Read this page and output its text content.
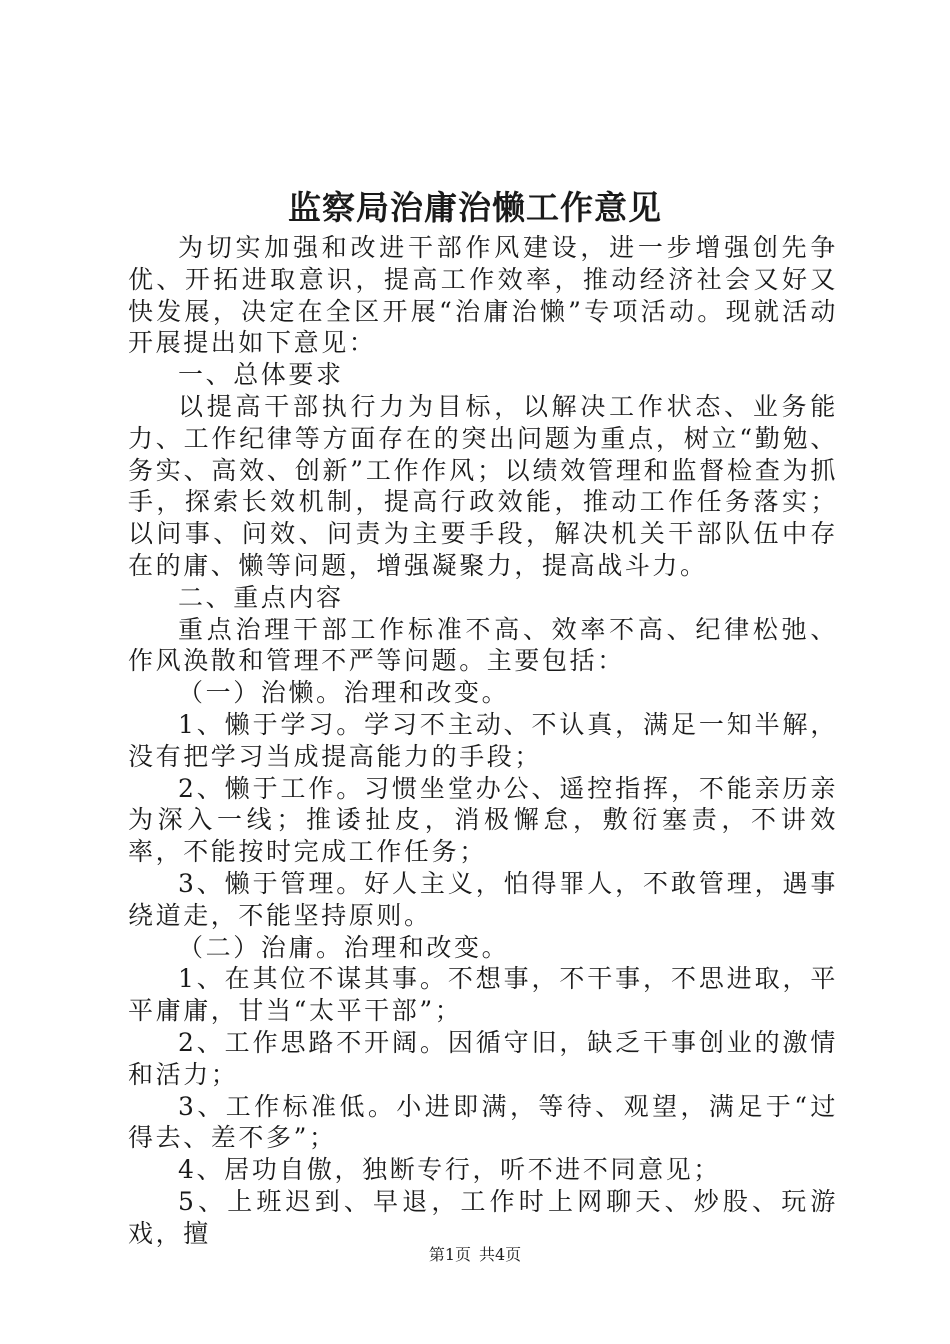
监察局治庸治懒工作意见

为切实加强和改进干部作风建设，进一步增强创先争优、开拓进取意识，提高工作效率，推动经济社会又好又快发展，决定在全区开展“治庸治懒”专项活动。现就活动开展提出如下意见：

一、总体要求

以提高干部执行力为目标，以解决工作状态、业务能力、工作纪律等方面存在的突出问题为重点，树立“勤勉、务实、高效、创新”工作作风；以绩效管理和监督检查为抓手，探索长效机制，提高行政效能，推动工作任务落实；以问事、问效、问责为主要手段，解决机关干部队伍中存在的庸、懒等问题，增强凝聚力，提高战斗力。

二、重点内容

重点治理干部工作标准不高、效率不高、纪律松弛、作风涣散和管理不严等问题。主要包括：

（一）治懒。治理和改变。

1、懒于学习。学习不主动、不认真，满足一知半解，没有把学习当成提高能力的手段；

2、懒于工作。习惯坐堂办公、遥控指挥，不能亲历亲为深入一线；推诿扯皮，消极懈怠，敷衍塞责，不讲效率，不能按时完成工作任务；

3、懒于管理。好人主义，怕得罪人，不敢管理，遇事绕道走，不能坚持原则。

（二）治庸。治理和改变。

1、在其位不谋其事。不想事，不干事，不思进取，平平庸庸，甘当“太平干部”；

2、工作思路不开阔。因循守旧，缺乏干事创业的激情和活力；

3、工作标准低。小进即满，等待、观望，满足于“过得去、差不多”；

4、居功自傲，独断专行，听不进不同意见；

5、上班迟到、早退，工作时上网聊天、炒股、玩游戏，擅

第1页 共4页
